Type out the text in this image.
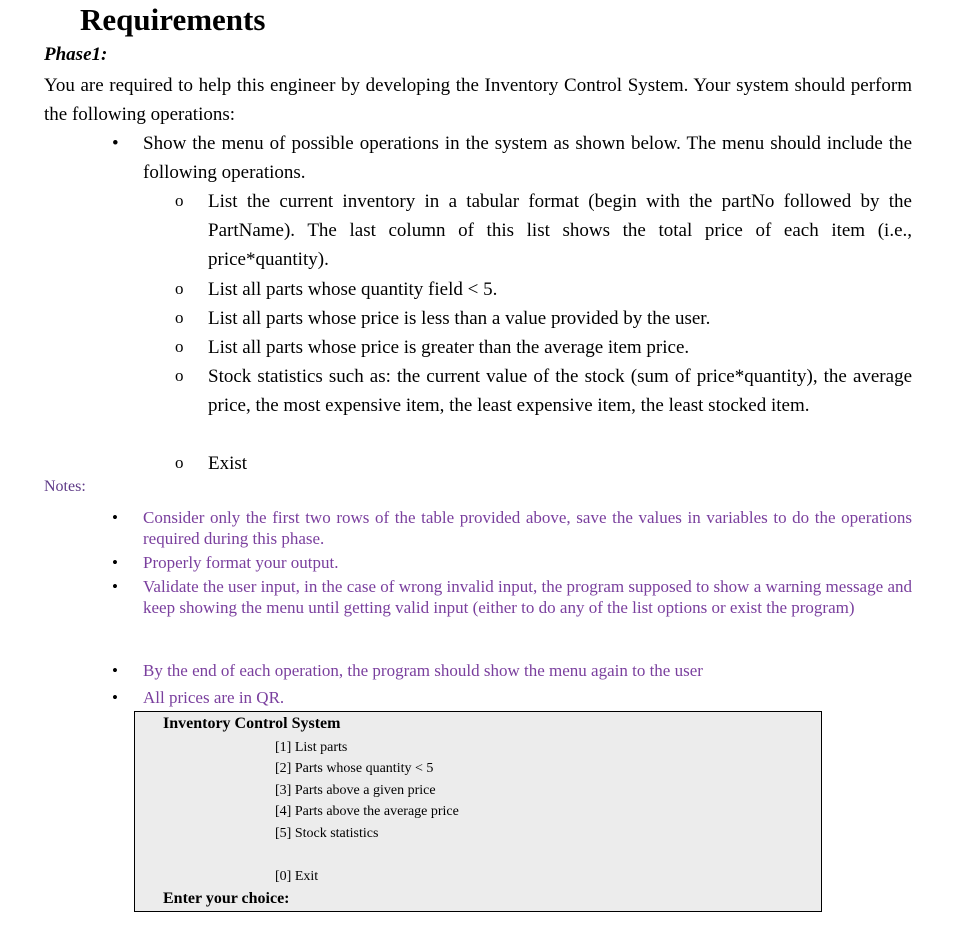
Requirements
Phase1:
You are required to help this engineer by developing the Inventory Control System. Your system should perform the following operations:
• Show the menu of possible operations in the system as shown below. The menu should include the following operations.
o List the current inventory in a tabular format (begin with the partNo followed by the PartName). The last column of this list shows the total price of each item (i.e., price*quantity).
o List all parts whose quantity field < 5.
o List all parts whose price is less than a value provided by the user.
o List all parts whose price is greater than the average item price.
o Stock statistics such as: the current value of the stock (sum of price*quantity), the average price, the most expensive item, the least expensive item, the least stocked item.
o Exist
Notes:
• Consider only the first two rows of the table provided above, save the values in variables to do the operations required during this phase.
• Properly format your output.
• Validate the user input, in the case of wrong invalid input, the program supposed to show a warning message and keep showing the menu until getting valid input (either to do any of the list options or exist the program)
• By the end of each operation, the program should show the menu again to the user
• All prices are in QR.
Inventory Control System
[1] List parts
[2] Parts whose quantity < 5
[3] Parts above a given price
[4] Parts above the average price
[5] Stock statistics
[0] Exit
Enter your choice:
